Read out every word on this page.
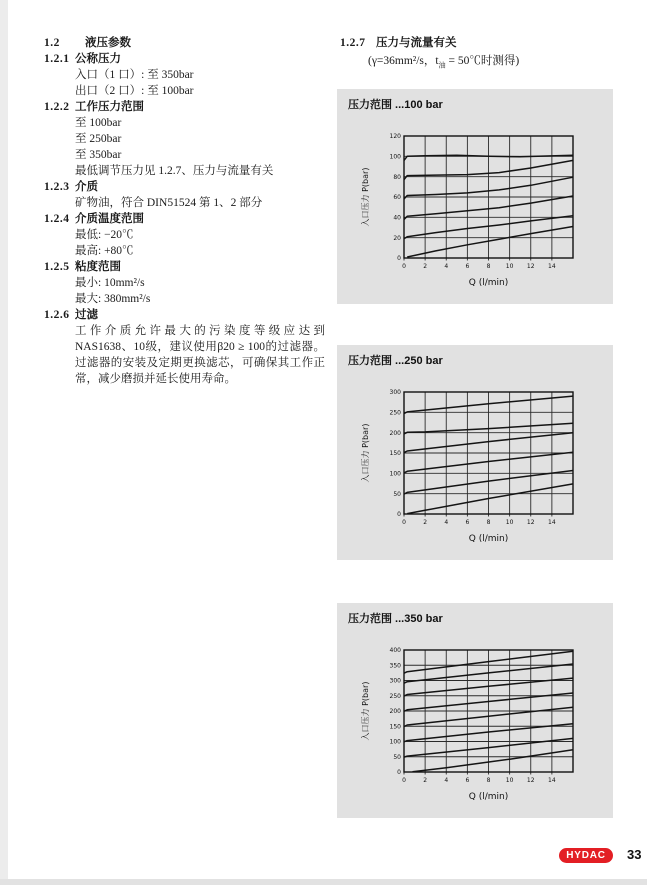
1.2	液压参数
1.2.1 公称压力
入口（1 口）: 至 350bar
出口（2 口）: 至 100bar
1.2.2 工作压力范围
至 100bar
至 250bar
至 350bar
最低调节压力见 1.2.7、压力与流量有关
1.2.3 介质
矿物油，符合 DIN51524 第 1、2 部分
1.2.4 介质温度范围
最低: −20℃
最高: +80℃
1.2.5 粘度范围
最小: 10mm²/s
最大: 380mm²/s
1.2.6 过滤
工作介质允许最大的污染度等级应达到NAS1638、10级，建议使用β20 ≥ 100的过滤器。过滤器的安装及定期更换滤芯，可确保其工作正常，减少磨损并延长使用寿命。
1.2.7 压力与流量有关
(γ=36mm²/s，$t_油$ = 50℃时测得)
压力范围 ...100 bar
0	2	4	6	8	10 12 14
0
20
40
60
80
100
120
Q (l/min)
入口压力 P(bar)
压力范围 ...250 bar
0	2	4	6	8	10 12 14
0
50
100
150
200
250
300
Q (l/min)
入口压力 P(bar)
压力范围 ...350 bar
0	2	4	6	8	10 12 14
0
50
100
150
200
250
300
350
400
Q (l/min)
入口压力 P(bar)
HYDAC	33
